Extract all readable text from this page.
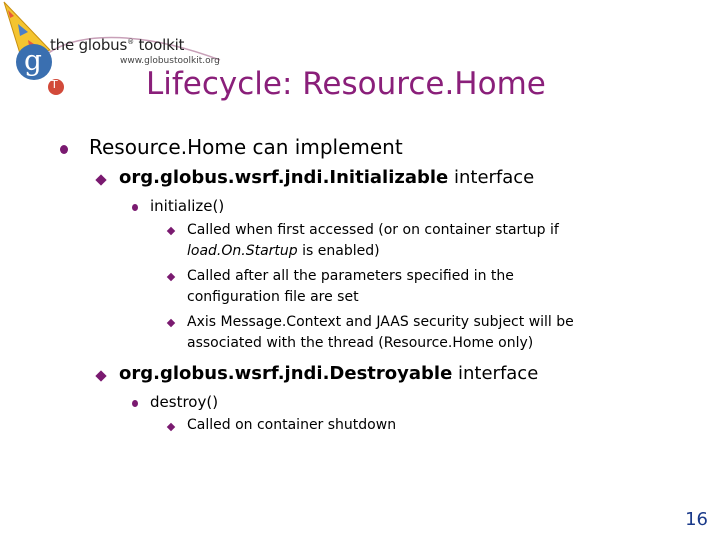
g
T
the globus® toolkit
www.globustoolkit.org
Lifecycle: Resource.Home
Resource.Home can implement
org.globus.wsrf.jndi.Initializable interface
initialize()
Called when first accessed (or on container startup if
load.On.Startup is enabled)
Called after all the parameters specified in the
configuration file are set
Axis Message.Context and JAAS security subject will be
associated with the thread (Resource.Home only)
org.globus.wsrf.jndi.Destroyable interface
destroy()
Called on container shutdown
16
